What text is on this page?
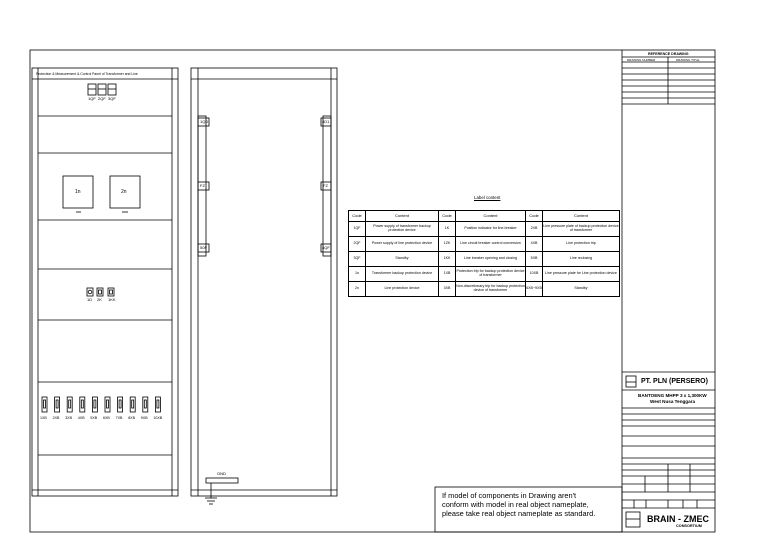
Protection & Measurement & Control Panel of Transformer and Line
1QF 2QF 3QF
1n	2n
1D 2K 1KK
1XB 2XB 3XB 4XB 5XB 6XB 7XB 8XB 9XB 10XB
1QD
FZ
50F
4D1
FZ
4QF
GND
Label content
Code	Content	Code	Content	Code	Content
1QF	Power supply of transformer backup protection device	1K	Position indicator for line breaker	2XB	Line pressure plate of backup protection device of transformer
2QF	Power supply of line protection device	1ZK	Line circuit breaker control conversion	4XB	Line protection trip
3QF	Standby	1KK	Line breaker opening and closing	5XB	Line reclosing
1n	Transformer backup protection device	1XB	Protection trip for backup protection device of transformer	10XB	Line pressure plate for Line protection device
2n	Line protection device	3XB	Non-discretionary trip for backup protection device of transformer	6XB~9XB	Standby
REFERENCE DRAWING
DRAWING NUMBER	DRAWING TITLE
PT. PLN (PERSERO)
BANTOENG MHPP 3 x 1,300KW
West Nusa Tenggara
BRAIN - ZMEC
CONSORTIUM
If model of components in Drawing aren't
conform with model in real object nameplate,
please take real object nameplate as standard.
